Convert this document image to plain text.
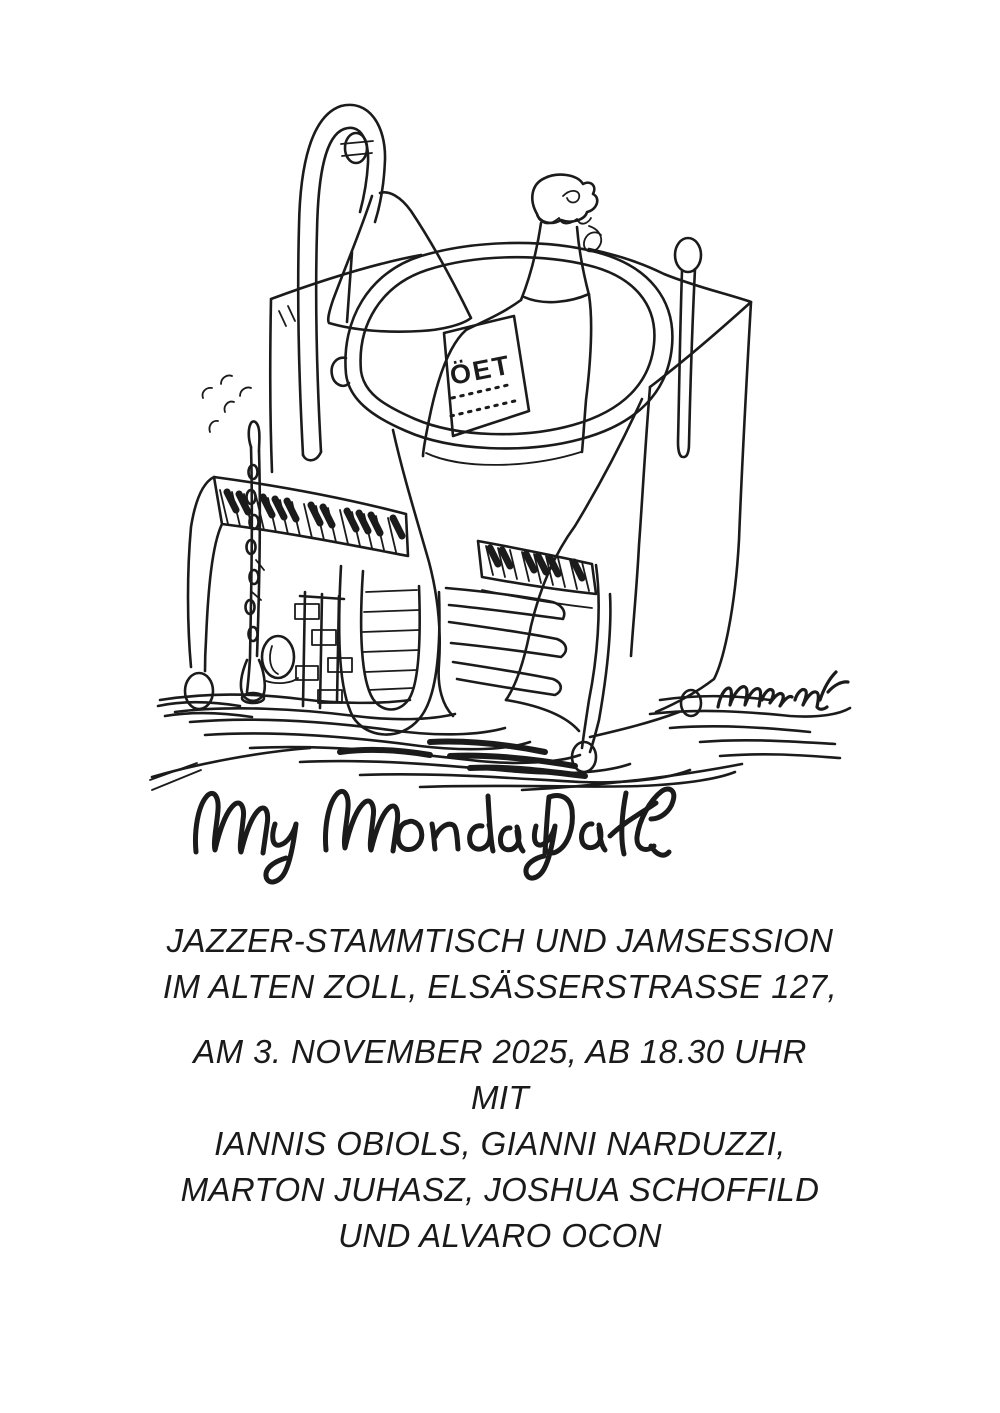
ÖET

JAZZER-STAMMTISCH UND JAMSESSION

IM ALTEN ZOLL, ELSÄSSERSTRASSE 127,

AM 3. NOVEMBER 2025, AB 18.30 UHR

MIT

IANNIS OBIOLS, GIANNI NARDUZZI,

MARTON JUHASZ, JOSHUA SCHOFFILD

UND ALVARO OCON
